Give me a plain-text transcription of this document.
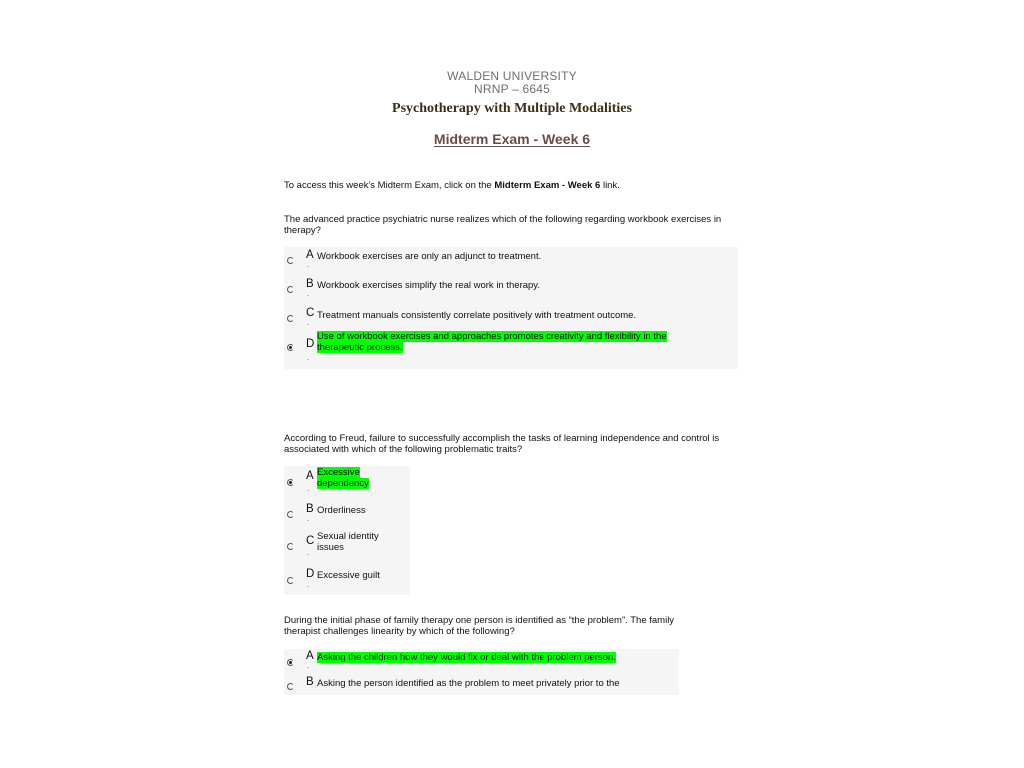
WALDEN UNIVERSITY
NRNP – 6645
Psychotherapy with Multiple Modalities
Midterm Exam - Week 6
To access this week's Midterm Exam, click on the Midterm Exam - Week 6 link.
The advanced practice psychiatric nurse realizes which of the following regarding workbook exercises in therapy?
A
.
Workbook exercises are only an adjunct to treatment.
B
.
Workbook exercises simplify the real work in therapy.
C
.
Treatment manuals consistently correlate positively with treatment outcome.
D
.
Use of workbook exercises and approaches promotes creativity and flexibility in the therapeutic process.
According to Freud, failure to successfully accomplish the tasks of learning independence and control is associated with which of the following problematic traits?
A
.
Excessive dependency
B
.
Orderliness
C
.
Sexual identity issues
D
.
Excessive guilt
During the initial phase of family therapy one person is identified as “the problem”. The family therapist challenges linearity by which of the following?
A
.
Asking the children how they would fix or deal with the problem person.
B Asking the person identified as the problem to meet privately prior to the
